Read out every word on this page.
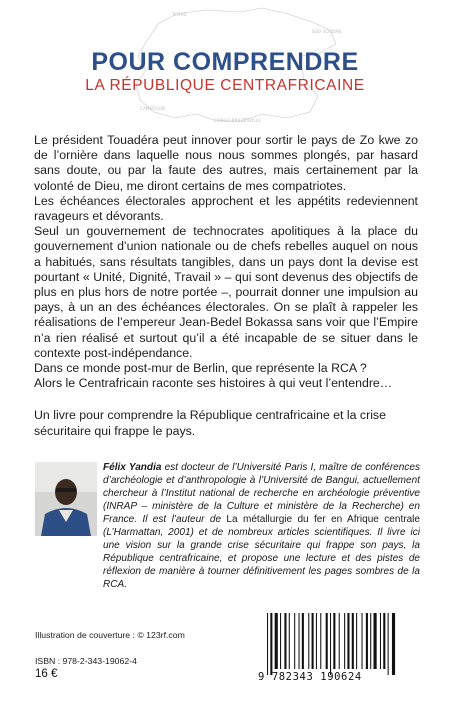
TCHAD
SUD-SOUDAN
CAMEROUN
CONGO-BRAZZAVILLE
POUR COMPRENDRE
LA RÉPUBLIQUE CENTRAFRICAINE

Le président Touadéra peut innover pour sortir le pays de Zo kwe zo de l’ornière dans laquelle nous nous sommes plongés, par hasard sans doute, ou par la faute des autres, mais certainement par la volonté de Dieu, me diront certains de mes compatriotes.

Les échéances électorales approchent et les appétits redeviennent ravageurs et dévorants.

Seul un gouvernement de technocrates apolitiques à la place du gouvernement d’union nationale ou de chefs rebelles auquel on nous a habitués, sans résultats tangibles, dans un pays dont la devise est pourtant « Unité, Dignité, Travail » – qui sont devenus des objectifs de plus en plus hors de notre portée –, pourrait donner une impulsion au pays, à un an des échéances électorales. On se plaît à rappeler les réalisations de l’empereur Jean-Bedel Bokassa sans voir que l’Empire n’a rien réalisé et surtout qu’il a été incapable de se situer dans le contexte post-indépendance.

Dans ce monde post-mur de Berlin, que représente la RCA ?

Alors le Centrafricain raconte ses histoires à qui veut l’entendre…

Un livre pour comprendre la République centrafricaine et la crise sécuritaire qui frappe le pays.

Félix Yandia est docteur de l’Université Paris I, maître de conférences d’archéologie et d’anthropologie à l’Université de Bangui, actuellement chercheur à l’Institut national de recherche en archéologie préventive (INRAP – ministère de la Culture et ministère de la Recherche) en France. Il est l’auteur de La métallurgie du fer en Afrique centrale (L’Harmattan, 2001) et de nombreux articles scientifiques. Il livre ici une vision sur la grande crise sécuritaire qui frappe son pays, la République centrafricaine, et propose une lecture et des pistes de réflexion de manière à tourner définitivement les pages sombres de la RCA.
Illustration de couverture : © 123rf.com
ISBN : 978-2-343-19062-4
16 €	9 782343 190624
